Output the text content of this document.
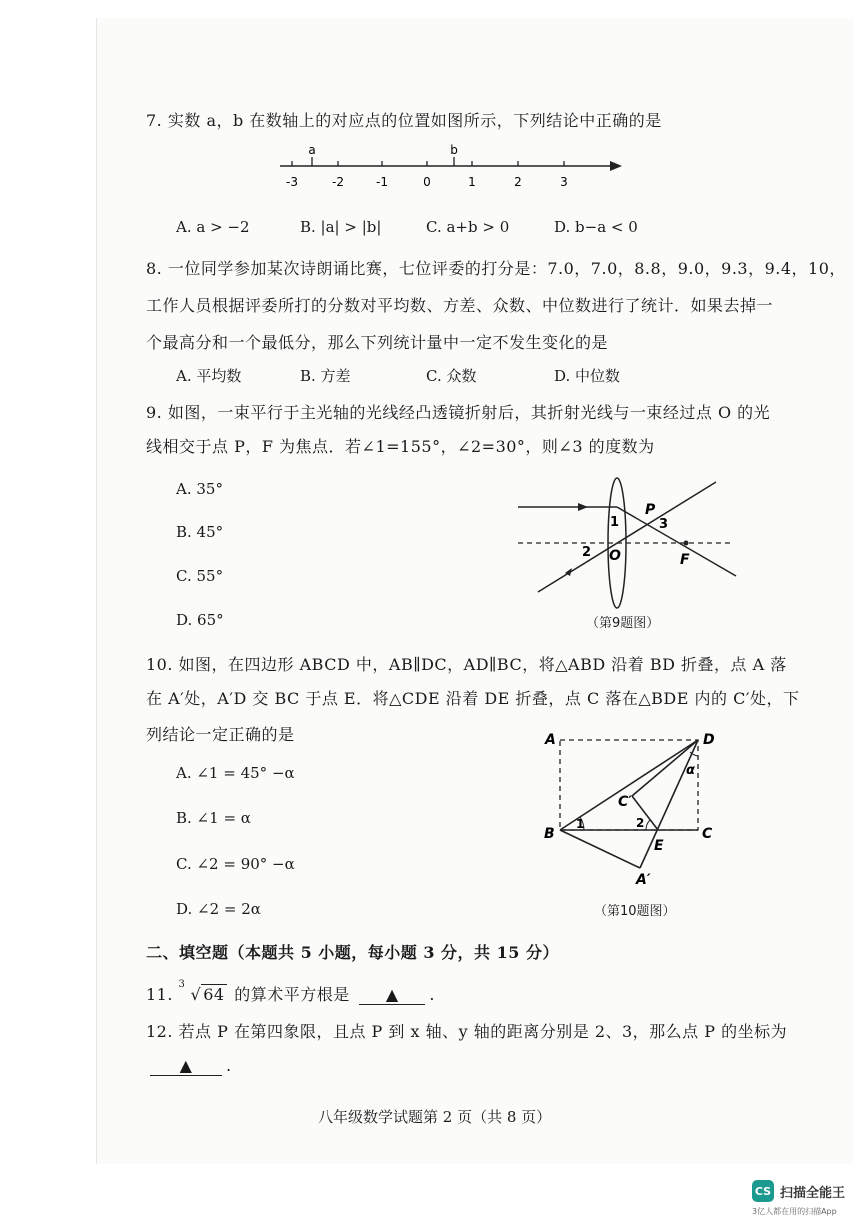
7. 实数 a，b 在数轴上的对应点的位置如图所示，下列结论中正确的是
a	b
-3	-2	-1	0	1	2	3
A. a > −2	B. |a| > |b|	C. a+b > 0	D. b−a < 0
8. 一位同学参加某次诗朗诵比赛，七位评委的打分是：7.0，7.0，8.8，9.0，9.3，9.4，10，
工作人员根据评委所打的分数对平均数、方差、众数、中位数进行了统计．如果去掉一
个最高分和一个最低分，那么下列统计量中一定不发生变化的是
A. 平均数	B. 方差	C. 众数	D. 中位数
9. 如图，一束平行于主光轴的光线经凸透镜折射后，其折射光线与一束经过点 O 的光
线相交于点 P，F 为焦点．若∠1=155°，∠2=30°，则∠3 的度数为
A. 35°
B. 45°
C. 55°
D. 65°
1
2
3
P
O	F
（第9题图）
10. 如图，在四边形 ABCD 中，AB∥DC，AD∥BC，将△ABD 沿着 BD 折叠，点 A 落
在 A′处，A′D 交 BC 于点 E．将△CDE 沿着 DE 折叠，点 C 落在△BDE 内的 C′处，下
列结论一定正确的是
A. ∠1 = 45° −α
B. ∠1 = α
C. ∠2 = 90° −α
D. ∠2 = 2α
A	D
B	C
E
A′
C′
1	2
α
（第10题图）
二、填空题（本题共 5 小题，每小题 3 分，共 15 分）
11.
3
√ 64 的算术平方根是 ▲ .
12. 若点 P 在第四象限，且点 P 到 x 轴、y 轴的距离分别是 2、3，那么点 P 的坐标为
▲ .
八年级数学试题第 2 页（共 8 页）
CS 扫描全能王
3亿人都在用的扫描App
